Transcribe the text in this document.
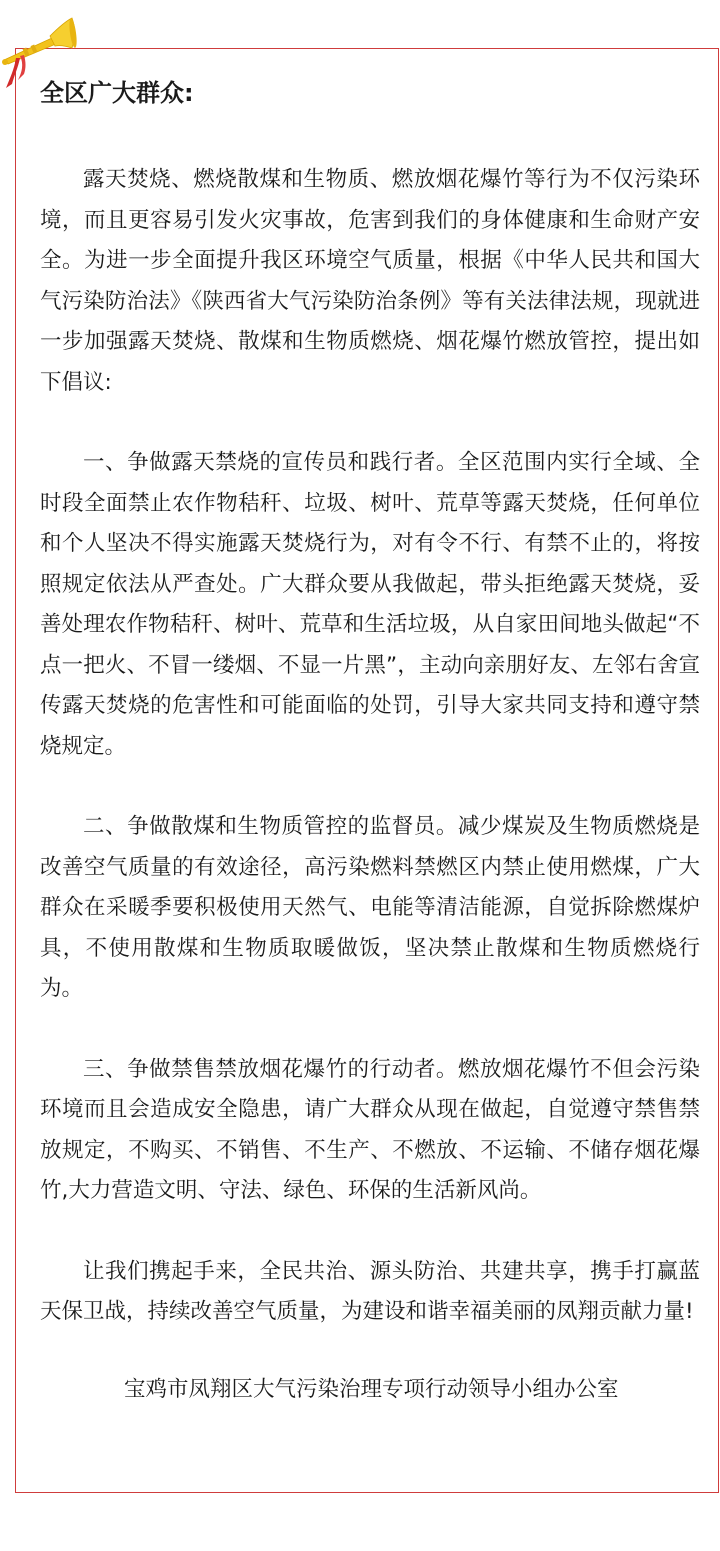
全区广大群众:

露天焚烧、燃烧散煤和生物质、燃放烟花爆竹等行为不仅污染环境，而且更容易引发火灾事故，危害到我们的身体健康和生命财产安全。为进一步全面提升我区环境空气质量，根据《中华人民共和国大气污染防治法》《陕西省大气污染防治条例》等有关法律法规，现就进一步加强露天焚烧、散煤和生物质燃烧、烟花爆竹燃放管控，提出如下倡议:

一、争做露天禁烧的宣传员和践行者。全区范围内实行全域、全时段全面禁止农作物秸秆、垃圾、树叶、荒草等露天焚烧，任何单位和个人坚决不得实施露天焚烧行为，对有令不行、有禁不止的，将按照规定依法从严查处。广大群众要从我做起，带头拒绝露天焚烧，妥善处理农作物秸秆、树叶、荒草和生活垃圾，从自家田间地头做起“不点一把火、不冒一缕烟、不显一片黑”，主动向亲朋好友、左邻右舍宣传露天焚烧的危害性和可能面临的处罚，引导大家共同支持和遵守禁烧规定。

二、争做散煤和生物质管控的监督员。减少煤炭及生物质燃烧是改善空气质量的有效途径，高污染燃料禁燃区内禁止使用燃煤，广大群众在采暖季要积极使用天然气、电能等清洁能源，自觉拆除燃煤炉具，不使用散煤和生物质取暖做饭，坚决禁止散煤和生物质燃烧行为。

三、争做禁售禁放烟花爆竹的行动者。燃放烟花爆竹不但会污染环境而且会造成安全隐患，请广大群众从现在做起，自觉遵守禁售禁放规定，不购买、不销售、不生产、不燃放、不运输、不储存烟花爆竹,大力营造文明、守法、绿色、环保的生活新风尚。

让我们携起手来，全民共治、源头防治、共建共享，携手打赢蓝天保卫战，持续改善空气质量，为建设和谐幸福美丽的凤翔贡献力量!

宝鸡市凤翔区大气污染治理专项行动领导小组办公室
